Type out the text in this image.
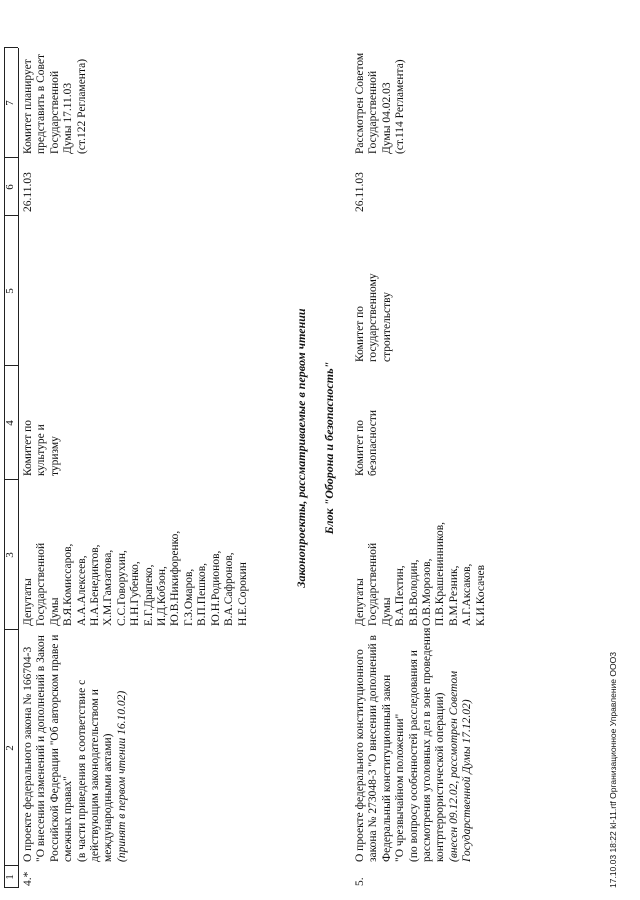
1
2
3
4
5
6
7
4.*
О проекте федерального закона № 166704-3 "О внесении изменений и дополнений в Закон Российской Федерации "Об авторском праве и смежных правах" (в части приведения в соответствие с действующим законодательством и международными актами) (принят в первом чтении 16.10.02)
Депутаты Государственной Думы В.Я.Комиссаров, А.А.Алексеев, Н.А.Бенедиктов, Х.М.Гамзатова, С.С.Говорухин, Н.Н.Губенко, Е.Г.Драпеко, И.Д.Кобзон, Ю.В.Никифоренко, Г.З.Омаров, В.П.Пешков, Ю.Н.Родионов, В.А.Сафронов, Н.Е.Сорокин
Комитет по культуре и туризму
26.11.03
Комитет планирует представить в Совет Государственной Думы 17.11.03 (ст.122 Регламента)
Законопроекты, рассматриваемые в первом чтении Блок "Оборона и безопасность"
5.
О проекте федерального конституционного закона № 273048-3 "О внесении дополнений в Федеральный конституционный закон "О чрезвычайном положении" (по вопросу особенностей расследования и рассмотрения уголовных дел в зоне проведения контртеррористической операции) (внесен 09.12.02, рассмотрен Советом Государственной Думы 17.12.02)
Депутаты Государственной Думы В.А.Пехтин, В.В.Володин, О.В.Морозов, П.В.Крашенинников, В.М.Резник, А.Г.Аксаков, К.И.Косачев
Комитет по безопасности
Комитет по государственному строительству
26.11.03
Рассмотрен Советом Государственной Думы 04.02.03 (ст.114 Регламента)
17.10.03 18:22 kl-11.rtf Организационное Управление ООО3
